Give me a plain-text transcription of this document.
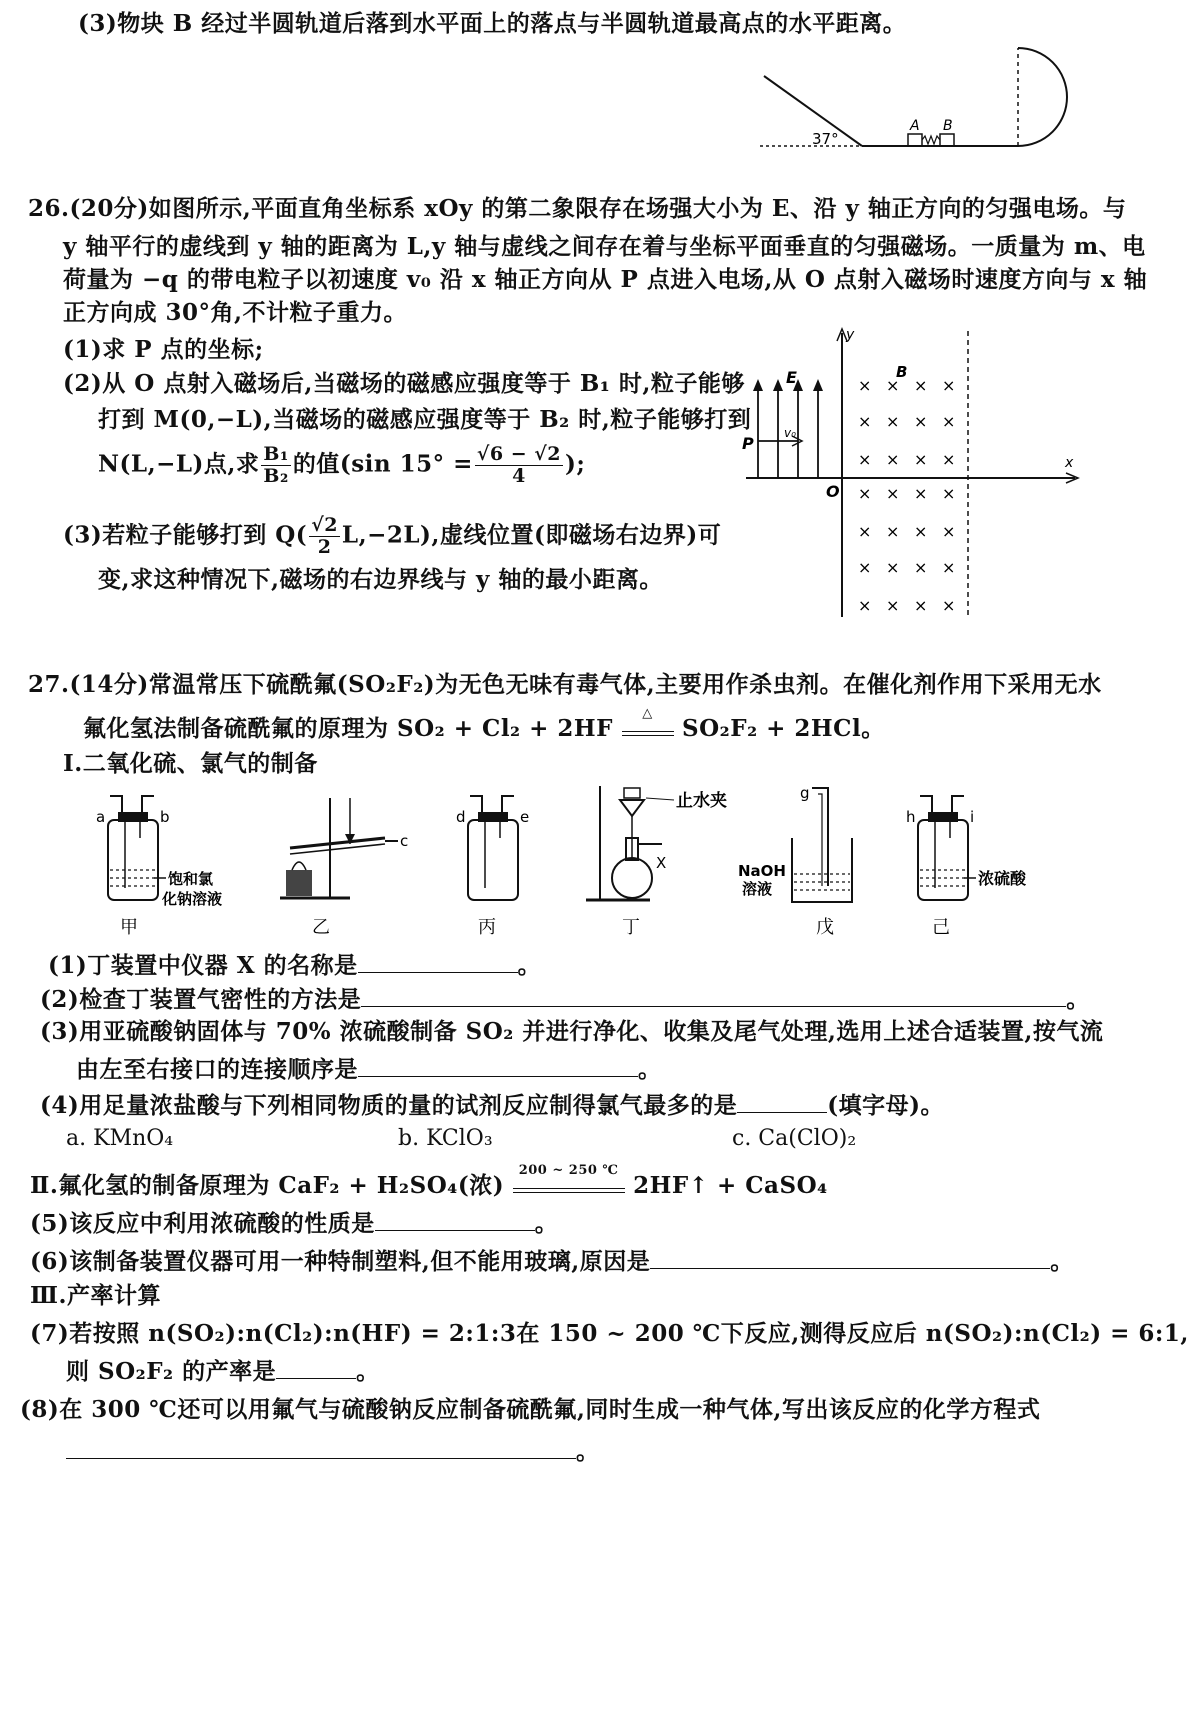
(3)物块 B 经过半圆轨道后落到水平面上的落点与半圆轨道最高点的水平距离。
37°
A B
26.(20分)如图所示,平面直角坐标系 xOy 的第二象限存在场强大小为 E、沿 y 轴正方向的匀强电场。与
y 轴平行的虚线到 y 轴的距离为 L,y 轴与虚线之间存在着与坐标平面垂直的匀强磁场。一质量为 m、电
荷量为 −q 的带电粒子以初速度 v₀ 沿 x 轴正方向从 P 点进入电场,从 O 点射入磁场时速度方向与 x 轴
正方向成 30°角,不计粒子重力。
(1)求 P 点的坐标;
(2)从 O 点射入磁场后,当磁场的磁感应强度等于 B₁ 时,粒子能够
打到 M(0,−L),当磁场的磁感应强度等于 B₂ 时,粒子能够打到
N(L,−L)点,求 $\frac{\text{B₁}}{\text{B₂}}$ 的值(sin $15^\circ = \frac{√6 - √2}{4}$ );
(3)若粒子能够打到 $Q( \frac{√2}{2} L,-2L)$,虚线位置(即磁场右边界)可
变,求这种情况下,磁场的右边界线与 y 轴的最小距离。
y
x
O
P
E	B
v₀
× × × ×
× × × ×
× × × ×
× × × ×
× × × ×
× × × ×
× × × ×
27.(14分)常温常压下硫酰氟(SO₂F₂)为无色无味有毒气体,主要用作杀虫剂。在催化剂作用下采用无水
氟化氢法制备硫酰氟的原理为 SO₂ + Cl₂ + 2HF
△
SO₂F₂ + 2HCl。
Ⅰ.二氧化硫、氯气的制备
a	b
饱和氯
化钠溶液
甲
c
乙
d	e
丙
止水夹
X
丁
g
NaOH
溶液
戊
h	i
浓硫酸
己
(1)丁装置中仪器 X 的名称是	。
(2)检查丁装置气密性的方法是	。
(3)用亚硫酸钠固体与 70% 浓硫酸制备 SO₂ 并进行净化、收集及尾气处理,选用上述合适装置,按气流
由左至右接口的连接顺序是	。
(4)用足量浓盐酸与下列相同物质的量的试剂反应制得氯气最多的是	(填字母)。
a. KMnO₄	b. KClO₃	c. Ca(ClO)₂
Ⅱ.氟化氢的制备原理为 CaF₂ + H₂SO₄(浓)
200 ~ 250 ℃
2HF↑ + CaSO₄
(5)该反应中利用浓硫酸的性质是	。
(6)该制备装置仪器可用一种特制塑料,但不能用玻璃,原因是	。
Ⅲ.产率计算
(7)若按照 n(SO₂):n(Cl₂):n(HF) = 2:1:3在 150 ~ 200 ℃下反应,测得反应后 n(SO₂):n(Cl₂) = 6:1,
则 SO₂F₂ 的产率是	。
(8)在 300 ℃还可以用氟气与硫酸钠反应制备硫酰氟,同时生成一种气体,写出该反应的化学方程式
。
